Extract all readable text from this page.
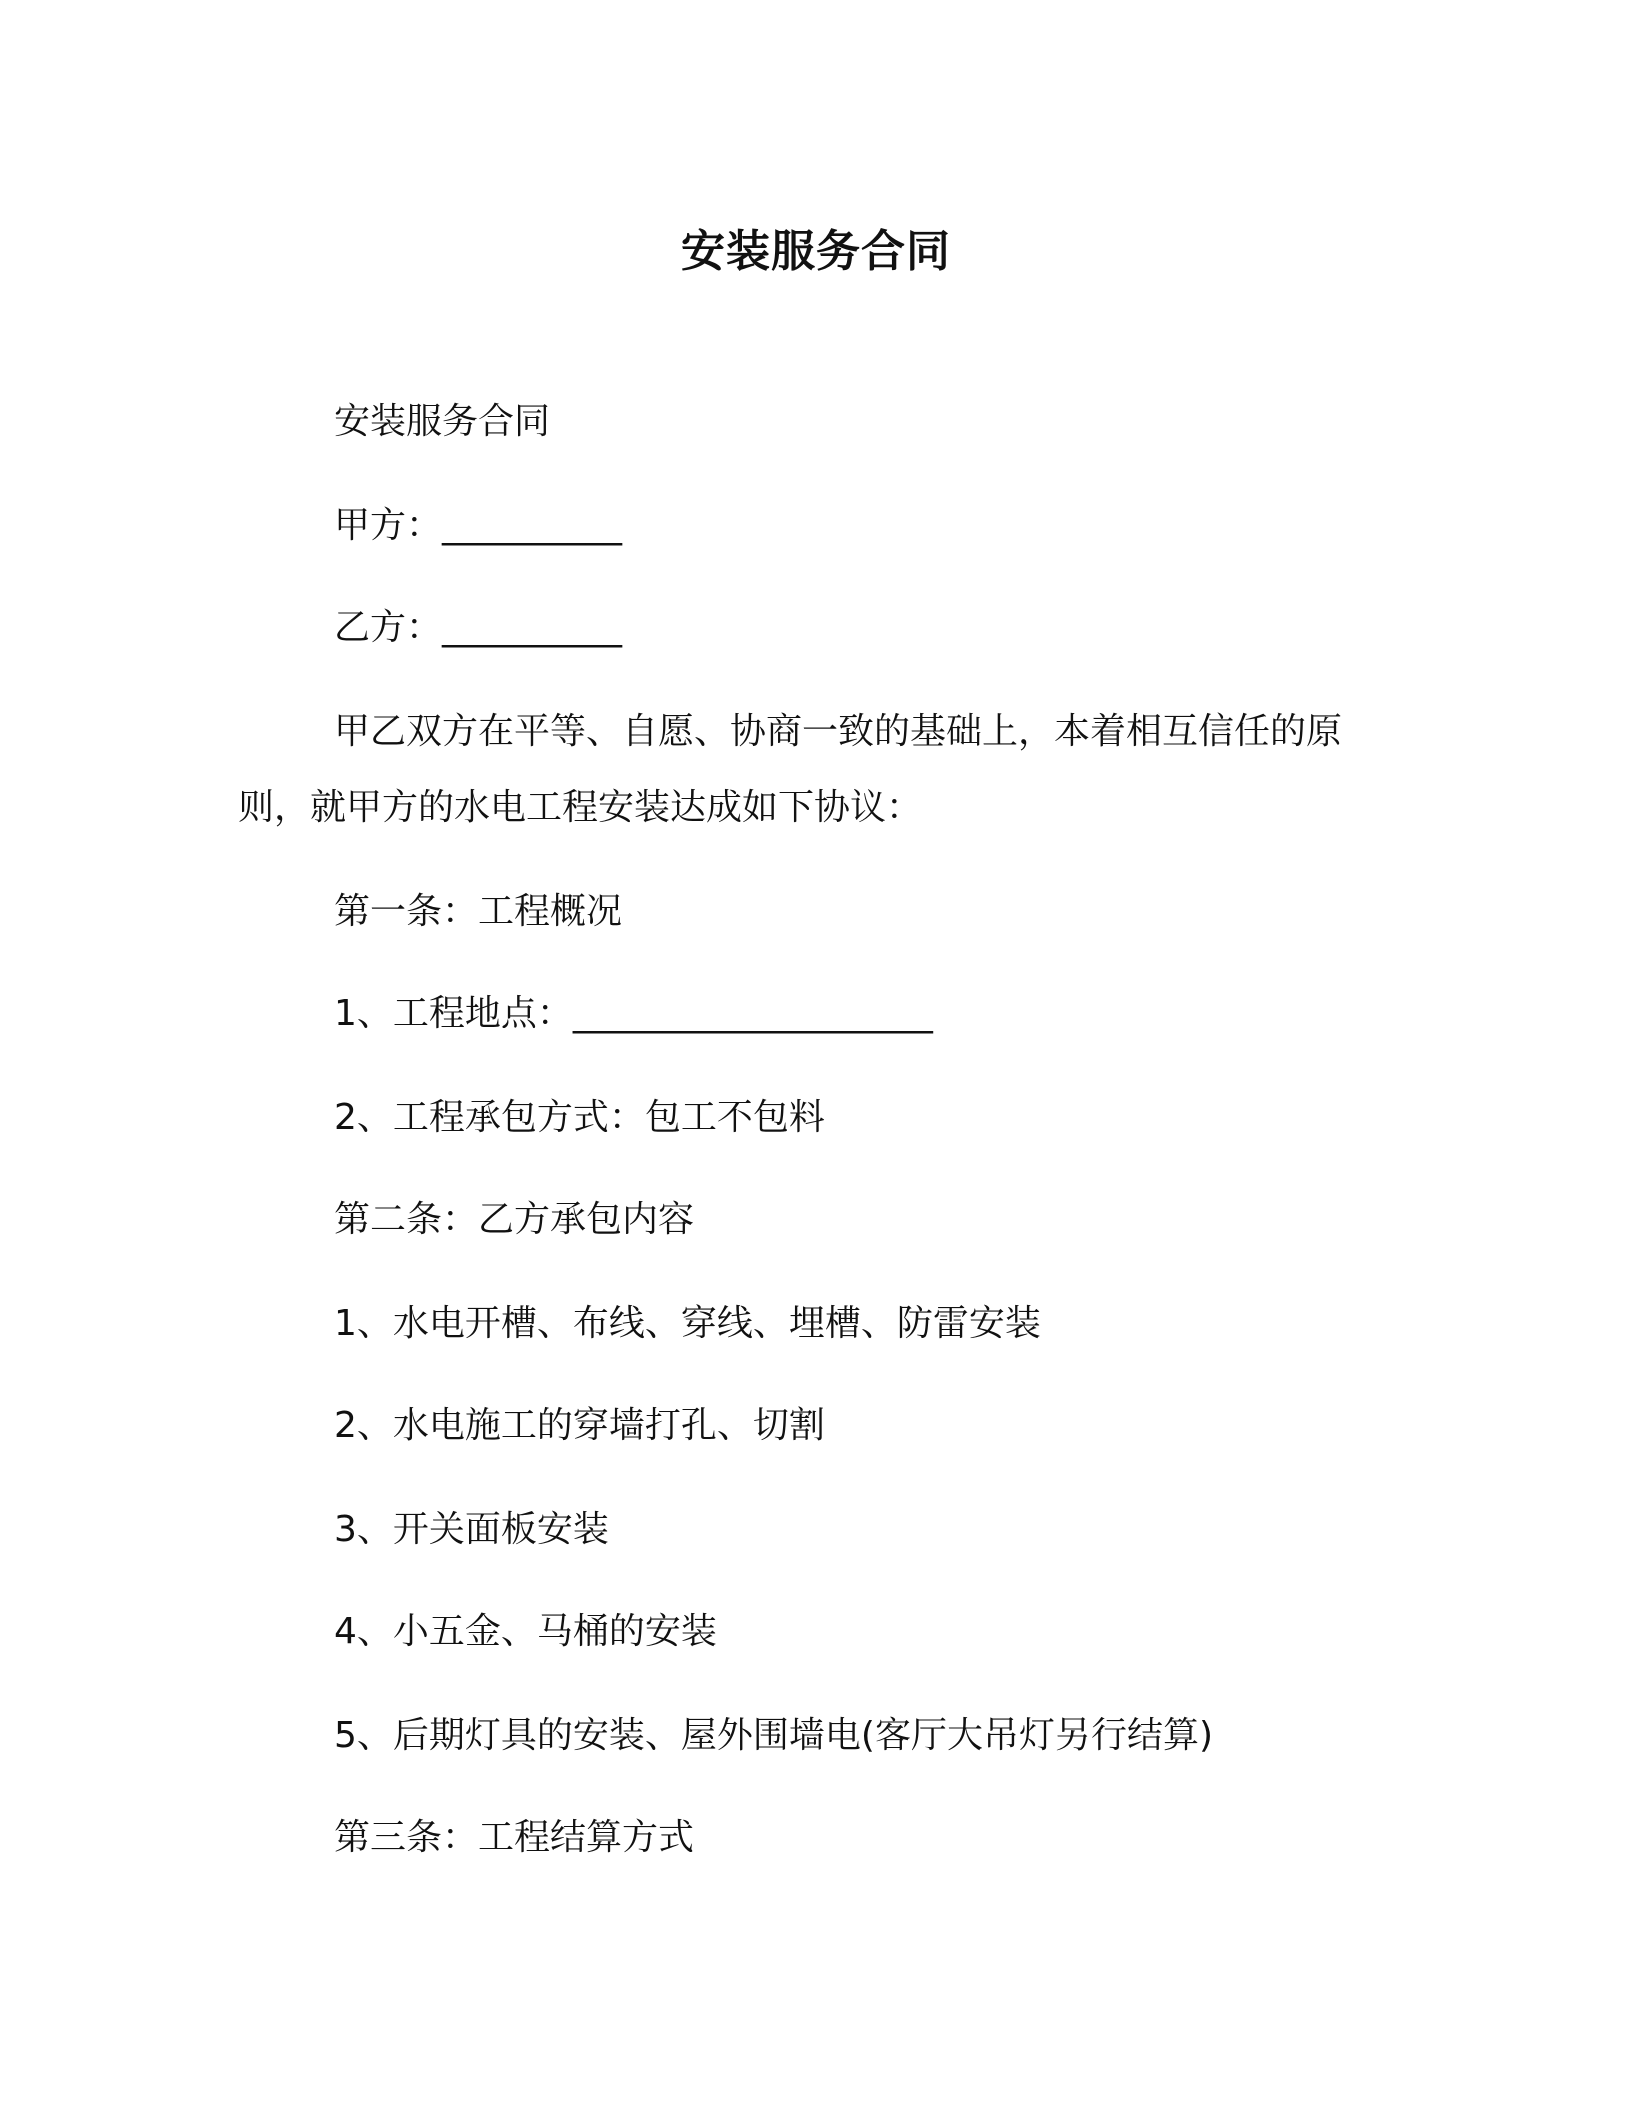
安装服务合同
安装服务合同
甲方：__________
乙方：__________
甲乙双方在平等、自愿、协商一致的基础上，本着相互信任的原
则，就甲方的水电工程安装达成如下协议：
第一条：工程概况
1、工程地点：____________________
2、工程承包方式：包工不包料
第二条：乙方承包内容
1、水电开槽、布线、穿线、埋槽、防雷安装
2、水电施工的穿墙打孔、切割
3、开关面板安装
4、小五金、马桶的安装
5、后期灯具的安装、屋外围墙电(客厅大吊灯另行结算)
第三条：工程结算方式
